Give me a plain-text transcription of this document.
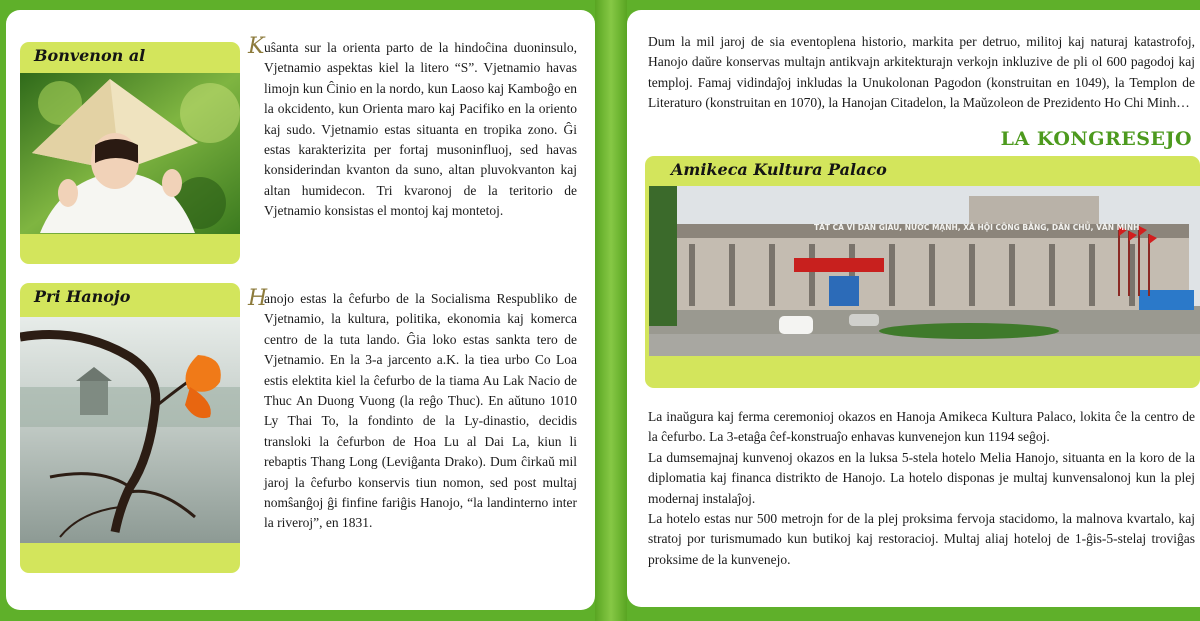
Bonvenon al	K uŝanta sur la orienta parto de la hindoĉina duoninsulo, Vjetnamio aspektas kiel la litero “S”. Vjetnamio havas limojn kun Ĉinio en la nordo, kun Laoso kaj Kamboĝo en la okcidento, kun Orienta maro kaj Pacifiko en la oriento kaj sudo. Vjetnamio estas situanta en tropika zono. Ĝi estas karakterizita per fortaj musoninfluoj, sed havas konsiderindan kvanton da suno, altan pluvokvanton kaj altan humidecon. Tri kvaronoj de la teritorio de Vjetnamio konsistas el montoj kaj montetoj.
Pri Hanojo	H
anojo estas la ĉefurbo de la Socialisma Respubliko de Vjetnamio, la kultura, politika, ekonomia kaj komerca centro de la tuta lando. Ĝia loko estas sankta tero de Vjetnamio. En la 3-a jarcento a.K. la tiea urbo Co Loa estis elektita kiel la ĉefurbo de la tiama Au Lak Nacio de Thuc An Duong Vuong (la reĝo Thuc). En aŭtuno 1010 Ly Thai To, la fondinto de la Ly-dinastio, decidis transloki la ĉefurbon de Hoa Lu al Dai La, kiun li rebaptis Thang Long (Leviĝanta Drako). Dum ĉirkaŭ mil jaroj la ĉefurbo konservis tiun nomon, sed post multaj nomŝanĝoj ĝi finfine fariĝis Hanojo, “la landinterno inter la riveroj”, en 1831.
Dum la mil jaroj de sia eventoplena historio, markita per detruo, militoj kaj naturaj katastrofoj, Hanojo daŭre konservas multajn antikvajn arkitekturajn verkojn inkluzive de pli ol 600 pagodoj kaj temploj. Famaj vidindaĵoj inkludas la Unukolonan Pagodon (konstruitan en 1049), la Templon de Literaturo (konstruitan en 1070), la Hanojan Citadelon, la Maŭzoleon de Prezidento Ho Chi Minh…
LA KONGRESEJO
Amikeca Kultura Palaco
TẤT CẢ VÌ DÂN GIÀU, NƯỚC MẠNH, XÃ HỘI CÔNG BẰNG, DÂN CHỦ, VĂN MINH
La inaŭgura kaj ferma ceremonioj okazos en Hanoja Amikeca Kultura Palaco, lokita ĉe la centro de la ĉefurbo. La 3-etaĝa ĉef-konstruaĵo enhavas kunvenejon kun 1194 seĝoj.
La dumsemajnaj kunvenoj okazos en la luksa 5-stela hotelo Melia Hanojo, situanta en la koro de la diplomatia kaj financa distrikto de Hanojo. La hotelo disponas je multaj kunvensalonoj kun la plej modernaj instalaĵoj.
La hotelo estas nur 500 metrojn for de la plej proksima fervoja stacidomo, la malnova kvartalo, kaj stratoj por turismumado kun butikoj kaj restoracioj. Multaj aliaj hoteloj de 1-ĝis-5-stelaj troviĝas proksime de la kunvenejo.
